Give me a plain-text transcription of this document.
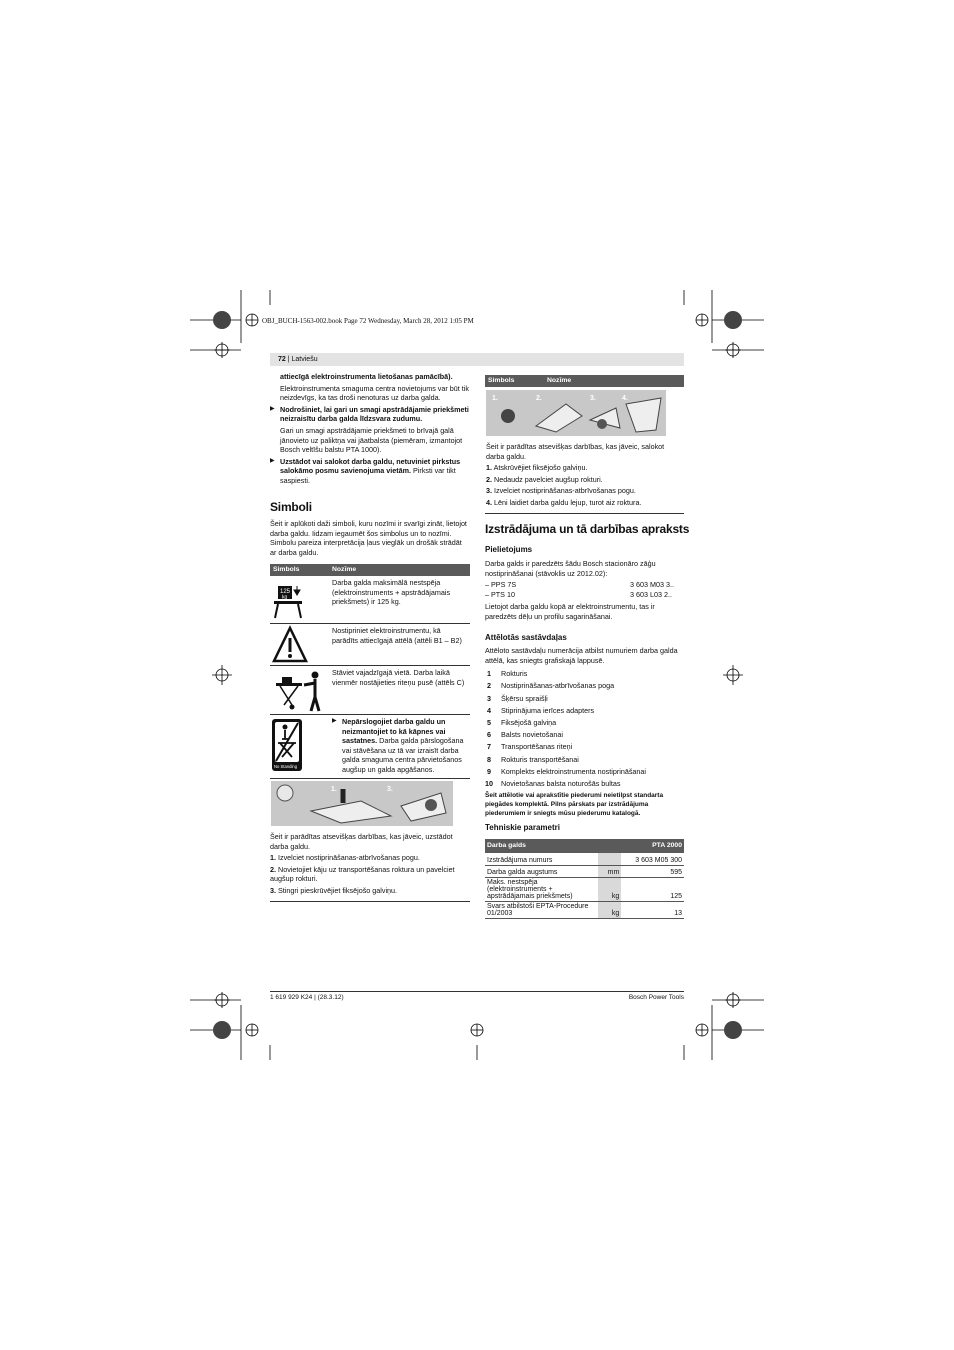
OBJ_BUCH-1563-002.book Page 72 Wednesday, March 28, 2012 1:05 PM
72 | Latviešu

attiecīgā elektroinstrumenta lietošanas pamācībā).

Elektroinstrumenta smaguma centra novietojums var būt tik neizdevīgs, ka tas droši nenoturas uz darba galda.

▶ Nodrošiniet, lai gari un smagi apstrādājamie priekšmeti neizraisītu darba galda līdzsvara zudumu.

Gari un smagi apstrādājamie priekšmeti to brīvajā galā jānovieto uz paliktņa vai jāatbalsta (piemēram, izmantojot Bosch veltīšu balstu PTA 1000).

▶ Uzstādot vai salokot darba galdu, netuviniet pirkstus salokāmo posmu savienojuma vietām. Pirksti var tikt saspiesti.

Simboli
Šeit ir aplūkoti daži simboli, kuru nozīmi ir svarīgi zināt, lietojot darba galdu. Iidzam iegaumēt šos simbolus un to nozīmi. Simbolu pareiza interpretācija ļaus vieglāk un drošāk strādāt ar darba galdu.
Simbols	Nozīme
125
kg
Darba galda maksimālā nestspēja (elektroinstruments + apstrādājamais priekšmets) ir 125 kg.
Nostipriniet elektroinstrumentu, kā parādīts attiecīgajā attēlā (attēli B1 – B2)
Stāviet vajadzīgajā vietā. Darba laikā vienmēr nostājieties riteņu pusē (attēls C)
No Standing

▶ Nepārslogojiet darba galdu un neizmantojiet to kā kāpnes vai sastatnes. Darba galda pārslogošana vai stāvēšana uz tā var izraisīt darba galda smaguma centra pārvietošanos augšup un galda apgāšanos.

1.	3.

Šeit ir parādītas atsevišķas darbības, kas jāveic, uzstādot darba galdu.

1. Izvelciet nostiprināšanas-atbrīvošanas pogu.

2. Novietojiet kāju uz transportēšanas roktura un pavelciet augšup rokturi.

3. Stingri pieskrūvējiet fiksējošo galviņu.

Simbols	Nozīme
1.	2.	3.	4.

Šeit ir parādītas atsevišķas darbības, kas jāveic, salokot darba galdu.

1. Atskrūvējiet fiksējošo galviņu.

2. Nedaudz pavelciet augšup rokturi.

3. Izvelciet nostiprināšanas-atbrīvošanas pogu.

4. Lēni laidiet darba galdu lejup, turot aiz roktura.

Izstrādājuma un tā darbības apraksts
Pielietojums

Darba galds ir paredzēts šādu Bosch stacionāro zāģu nostiprināšanai (stāvoklis uz 2012.02):

– PPS 7S	3 603 M03 3..
– PTS 10	3 603 L03 2..

Lietojot darba galdu kopā ar elektroinstrumentu, tas ir paredzēts dēļu un profilu sagarināšanai.

Attēlotās sastāvdaļas

Attēloto sastāvdaļu numerācija atbilst numuriem darba galda attēlā, kas sniegts grafiskajā lappusē.

1 Rokturis
2 Nostiprināšanas-atbrīvošanas poga
3 Šķērsu spraišļi
4 Stiprinājuma ierīces adapters
5 Fiksējošā galviņa
6 Balsts novietošanai
7 Transportēšanas riteņi
8 Rokturis transportēšanai
9 Komplekts elektroinstrumenta nostiprināšanai
10 Novietošanas balsta noturošās bultas

Šeit attēlotie vai aprakstītie piederumi neietilpst standarta piegādes komplektā. Pilns pārskats par izstrādājuma piederumiem ir sniegts mūsu piederumu katalogā.

Tehniskie parametri
Darba galds		PTA 2000
Izstrādājuma numurs		3 603 M05 300
Darba galda augstums	mm	595
Maks. nestspēja (elektroinstruments + apstrādājamais priekšmets)	kg	125
Svars atbilstoši EPTA-Procedure 01/2003	kg	13
1 619 929 K24 | (28.3.12)	Bosch Power Tools
